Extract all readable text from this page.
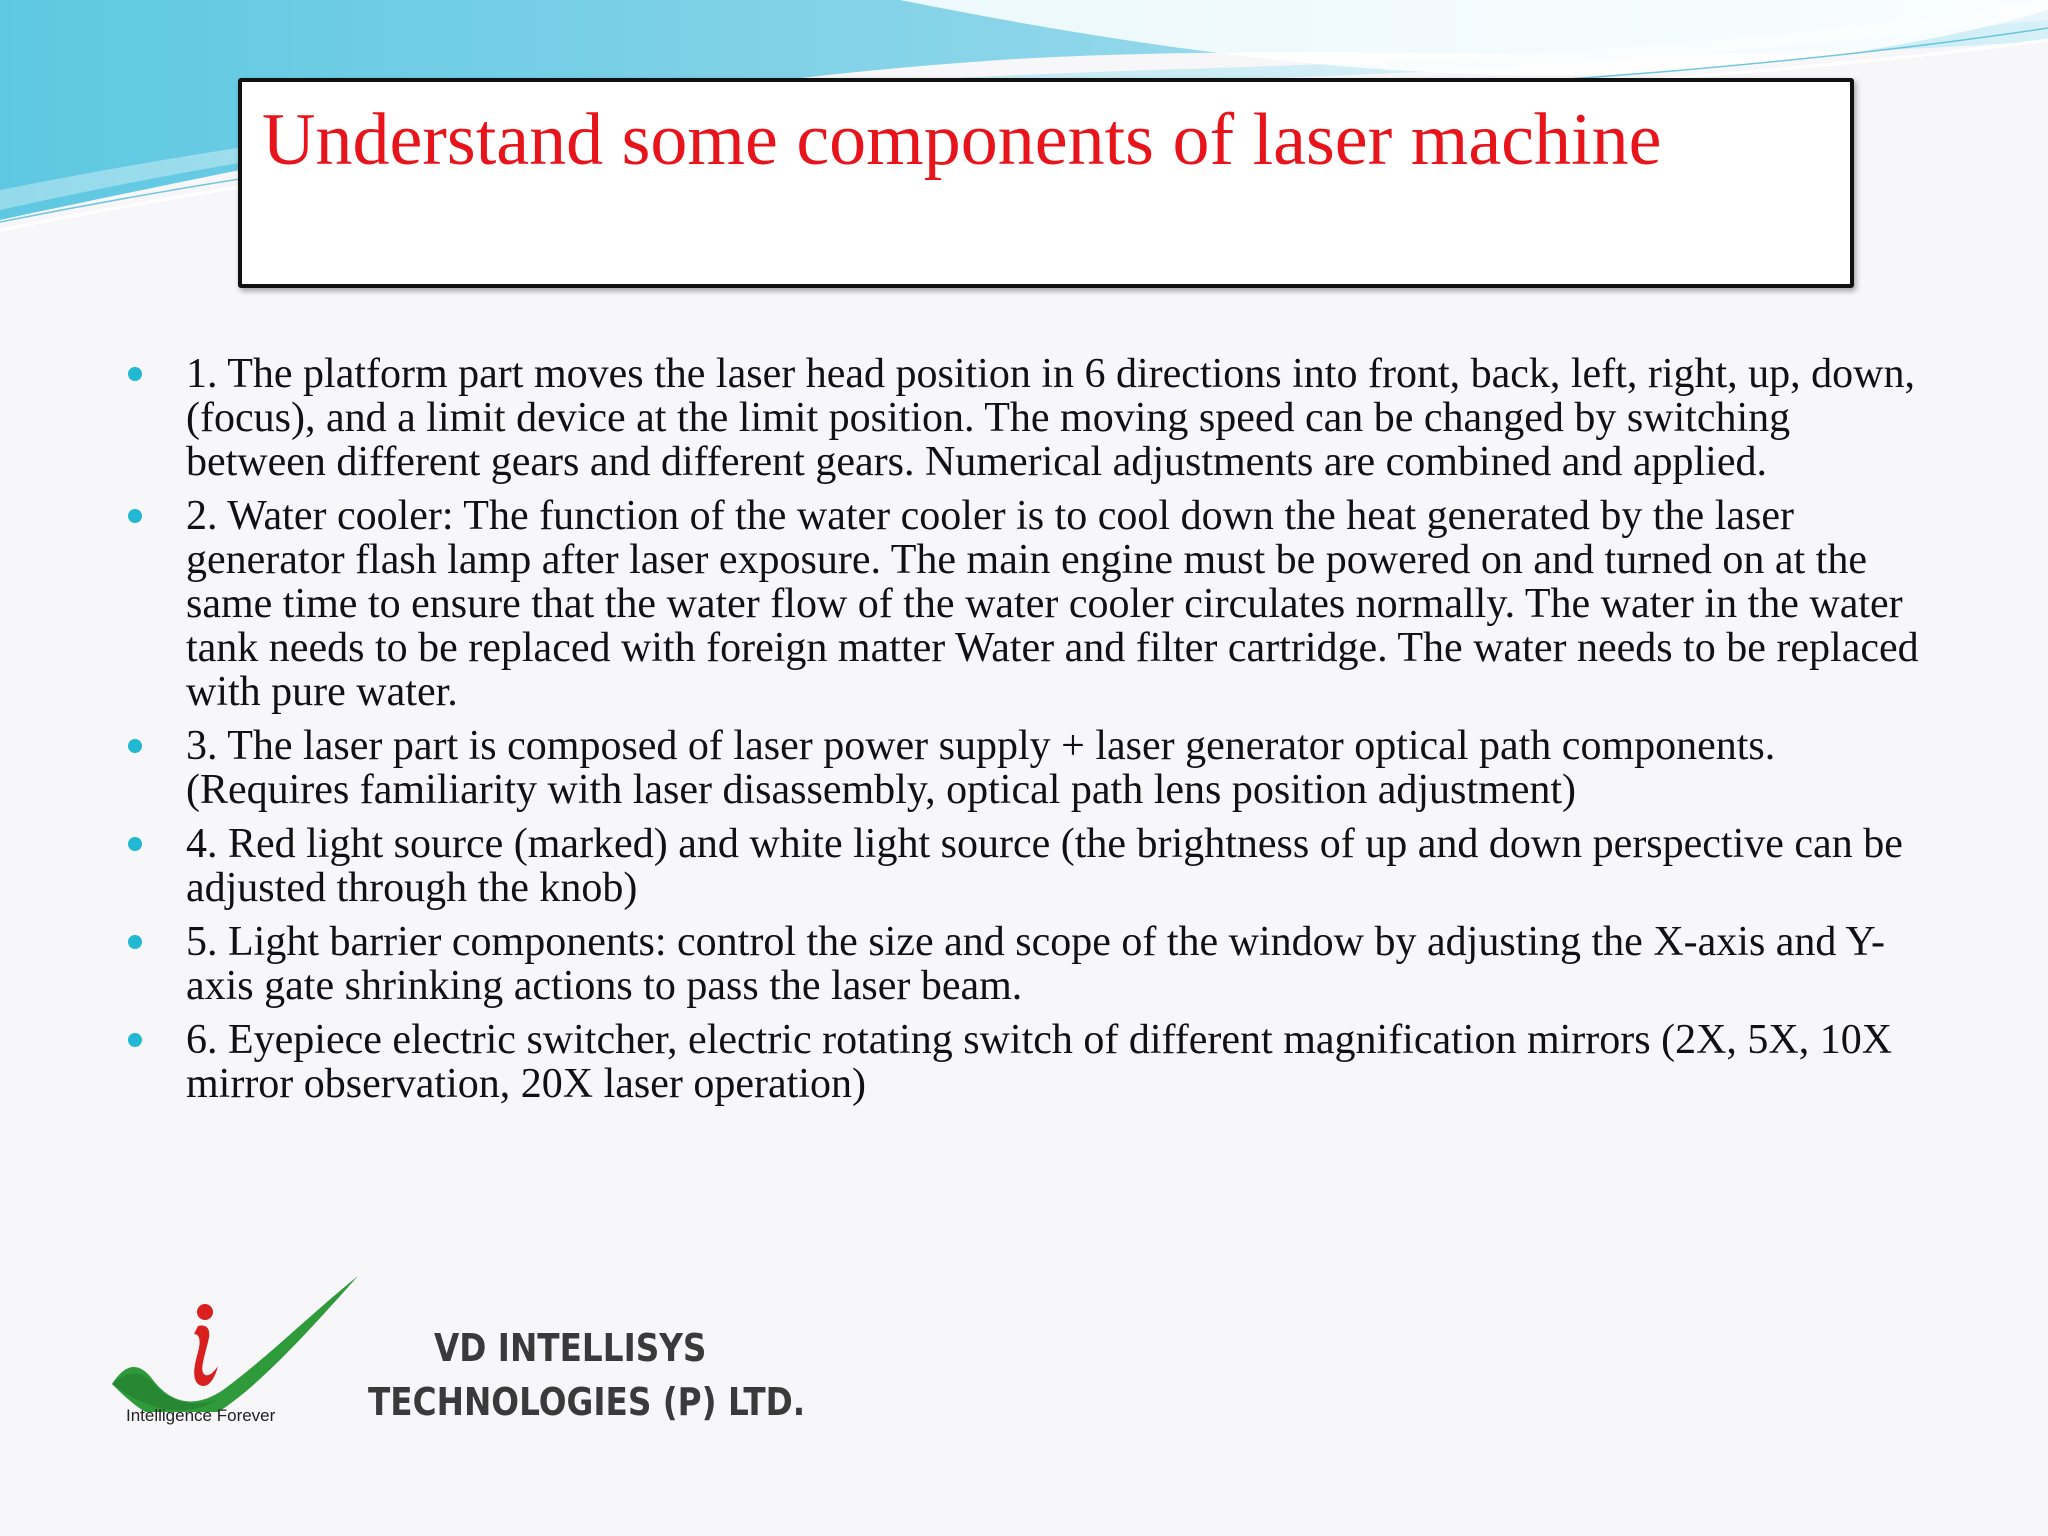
Understand some components of laser machine
1. The platform part moves the laser head position in 6 directions into front, back, left, right, up, down, (focus), and a limit device at the limit position. The moving speed can be changed by switching between different gears and different gears. Numerical adjustments are combined and applied.
2. Water cooler: The function of the water cooler is to cool down the heat generated by the laser generator flash lamp after laser exposure. The main engine must be powered on and turned on at the same time to ensure that the water flow of the water cooler circulates normally. The water in the water tank needs to be replaced with foreign matter Water and filter cartridge. The water needs to be replaced with pure water.
3. The laser part is composed of laser power supply + laser generator optical path components. (Requires familiarity with laser disassembly, optical path lens position adjustment)
4. Red light source (marked) and white light source (the brightness of up and down perspective can be adjusted through the knob)
5. Light barrier components: control the size and scope of the window by adjusting the X-axis and Y-axis gate shrinking actions to pass the laser beam.
6. Eyepiece electric switcher, electric rotating switch of different magnification mirrors (2X, 5X, 10X mirror observation, 20X laser operation)
Intelligence Forever
VD INTELLISYS
TECHNOLOGIES (P) LTD.
